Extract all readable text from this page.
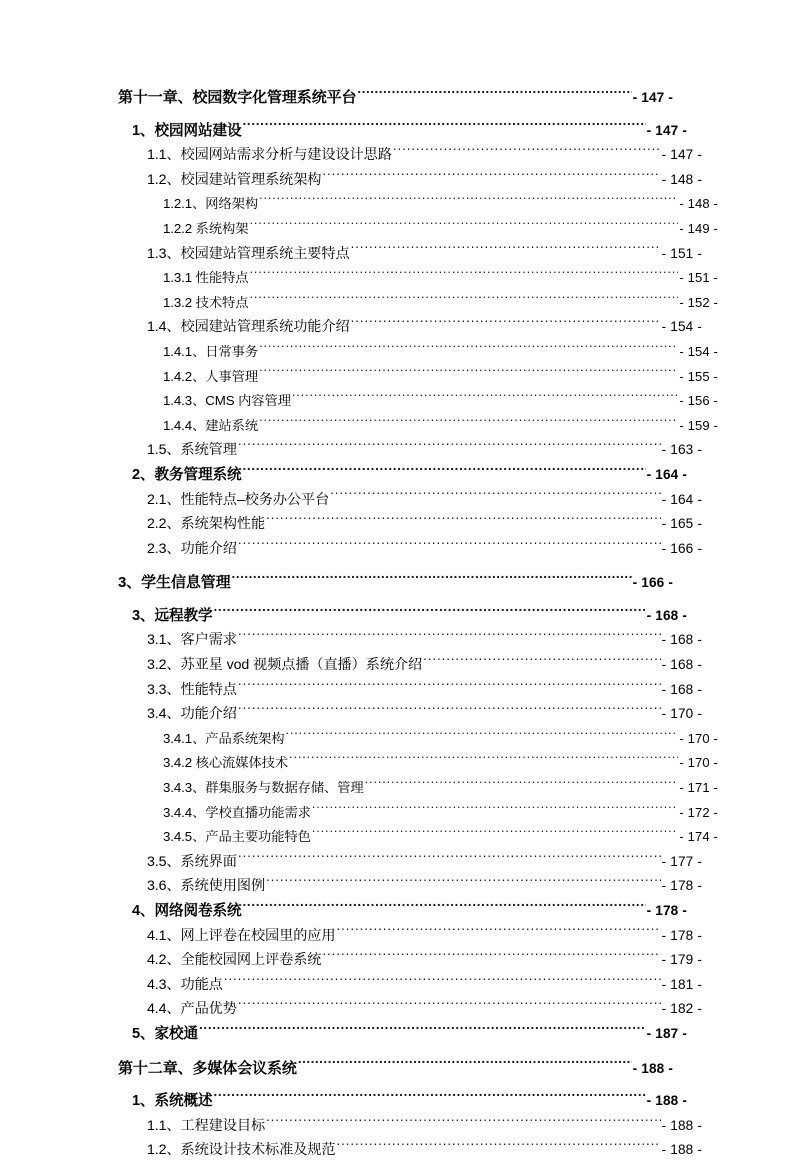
第十一章、校园数字化管理系统平台 .....	- 147 -
1、校园网站建设 .....	- 147 -
1.1、校园网站需求分析与建设设计思路 .....	- 147 -
1.2、校园建站管理系统架构 .....	- 148 -
1.2.1、网络架构 .....	- 148 -
1.2.2 系统构架 .....	- 149 -
1.3、校园建站管理系统主要特点 .....	- 151 -
1.3.1 性能特点 .....	- 151 -
1.3.2 技术特点 .....	- 152 -
1.4、校园建站管理系统功能介绍 .....	- 154 -
1.4.1、日常事务 .....	- 154 -
1.4.2、人事管理 .....	- 155 -
1.4.3、CMS 内容管理 .....	- 156 -
1.4.4、建站系统 .....	- 159 -
1.5、系统管理 .....	- 163 -
2、教务管理系统 .....	- 164 -
2.1、性能特点–校务办公平台 .....	- 164 -
2.2、系统架构性能 .....	- 165 -
2.3、功能介绍 .....	- 166 -
3、学生信息管理 .....	- 166 -
3、远程教学 .....	- 168 -
3.1、客户需求 .....	- 168 -
3.2、苏亚星 vod 视频点播（直播）系统介绍 .....	- 168 -
3.3、性能特点 .....	- 168 -
3.4、功能介绍 .....	- 170 -
3.4.1、产品系统架构 .....	- 170 -
3.4.2 核心流媒体技术 .....	- 170 -
3.4.3、群集服务与数据存储、管理 .....	- 171 -
3.4.4、学校直播功能需求 .....	- 172 -
3.4.5、产品主要功能特色 .....	- 174 -
3.5、系统界面 .....	- 177 -
3.6、系统使用图例 .....	- 178 -
4、网络阅卷系统 .....	- 178 -
4.1、网上评卷在校园里的应用 .....	- 178 -
4.2、全能校园网上评卷系统 .....	- 179 -
4.3、功能点 .....	- 181 -
4.4、产品优势 .....	- 182 -
5、家校通 .....	- 187 -
第十二章、多媒体会议系统 .....	- 188 -
1、系统概述 .....	- 188 -
1.1、工程建设目标 .....	- 188 -
1.2、系统设计技术标准及规范 .....	- 188 -
